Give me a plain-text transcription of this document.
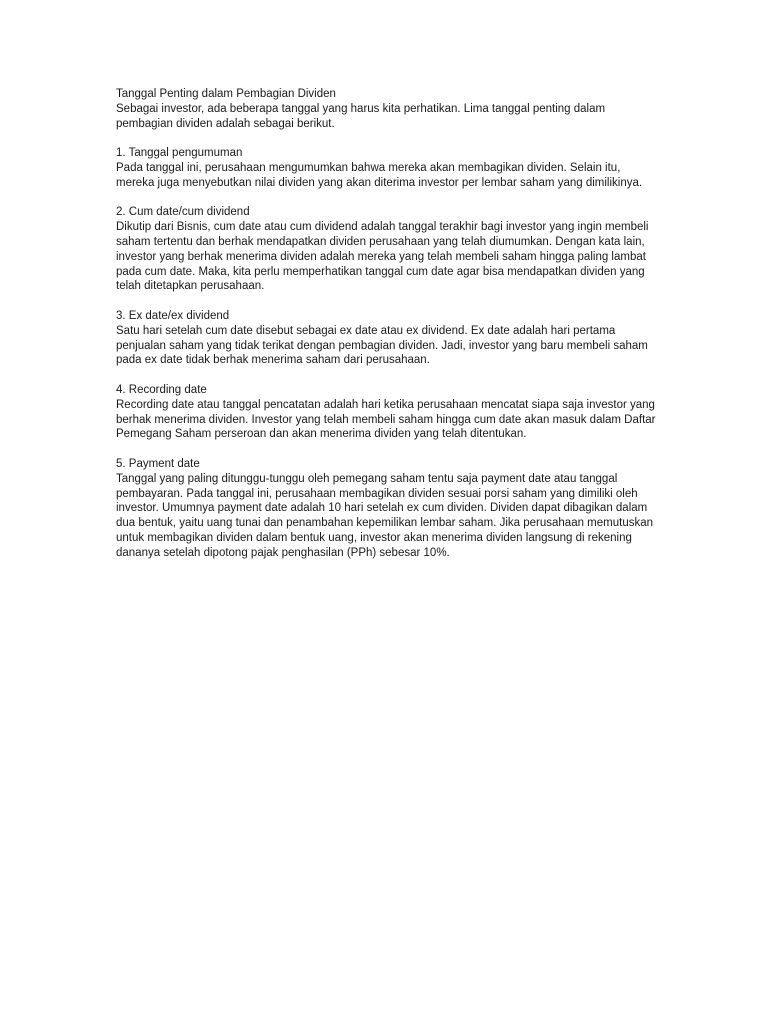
Tanggal Penting dalam Pembagian Dividen

Sebagai investor, ada beberapa tanggal yang harus kita perhatikan. Lima tanggal penting dalam pembagian dividen adalah sebagai berikut.

1. Tanggal pengumuman

Pada tanggal ini, perusahaan mengumumkan bahwa mereka akan membagikan dividen. Selain itu, mereka juga menyebutkan nilai dividen yang akan diterima investor per lembar saham yang dimilikinya.

2. Cum date/cum dividend

Dikutip dari Bisnis, cum date atau cum dividend adalah tanggal terakhir bagi investor yang ingin membeli saham tertentu dan berhak mendapatkan dividen perusahaan yang telah diumumkan. Dengan kata lain, investor yang berhak menerima dividen adalah mereka yang telah membeli saham hingga paling lambat pada cum date. Maka, kita perlu memperhatikan tanggal cum date agar bisa mendapatkan dividen yang telah ditetapkan perusahaan.

3. Ex date/ex dividend

Satu hari setelah cum date disebut sebagai ex date atau ex dividend. Ex date adalah hari pertama penjualan saham yang tidak terikat dengan pembagian dividen. Jadi, investor yang baru membeli saham pada ex date tidak berhak menerima saham dari perusahaan.

4. Recording date

Recording date atau tanggal pencatatan adalah hari ketika perusahaan mencatat siapa saja investor yang berhak menerima dividen. Investor yang telah membeli saham hingga cum date akan masuk dalam Daftar Pemegang Saham perseroan dan akan menerima dividen yang telah ditentukan.

5. Payment date

Tanggal yang paling ditunggu-tunggu oleh pemegang saham tentu saja payment date atau tanggal pembayaran. Pada tanggal ini, perusahaan membagikan dividen sesuai porsi saham yang dimiliki oleh investor. Umumnya payment date adalah 10 hari setelah ex cum dividen. Dividen dapat dibagikan dalam dua bentuk, yaitu uang tunai dan penambahan kepemilikan lembar saham. Jika perusahaan memutuskan untuk membagikan dividen dalam bentuk uang, investor akan menerima dividen langsung di rekening dananya setelah dipotong pajak penghasilan (PPh) sebesar 10%.
